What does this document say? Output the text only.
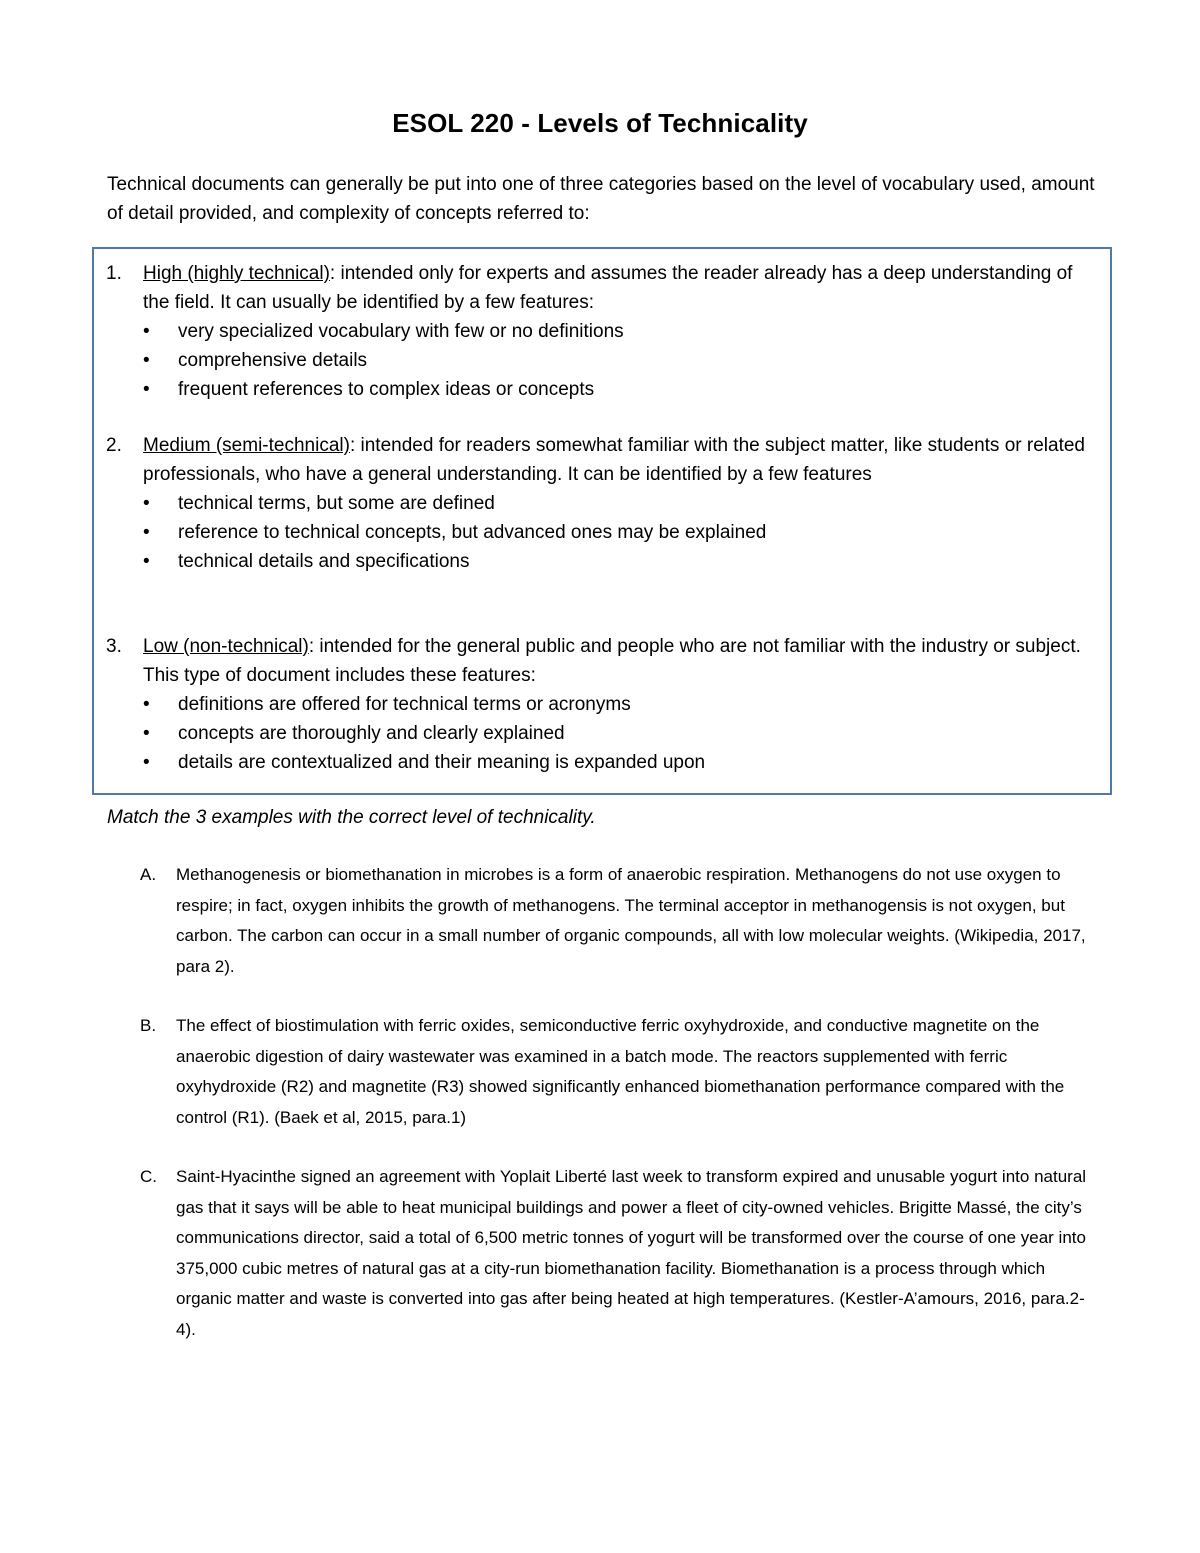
ESOL 220 - Levels of Technicality
Technical documents can generally be put into one of three categories based on the level of vocabulary used, amount of detail provided, and complexity of concepts referred to:
1. High (highly technical): intended only for experts and assumes the reader already has a deep understanding of the field. It can usually be identified by a few features:
• very specialized vocabulary with few or no definitions
• comprehensive details
• frequent references to complex ideas or concepts
2. Medium (semi-technical): intended for readers somewhat familiar with the subject matter, like students or related professionals, who have a general understanding. It can be identified by a few features
• technical terms, but some are defined
• reference to technical concepts, but advanced ones may be explained
• technical details and specifications
3. Low (non-technical): intended for the general public and people who are not familiar with the industry or subject. This type of document includes these features:
• definitions are offered for technical terms or acronyms
• concepts are thoroughly and clearly explained
• details are contextualized and their meaning is expanded upon
Match the 3 examples with the correct level of technicality.
A. Methanogenesis or biomethanation in microbes is a form of anaerobic respiration. Methanogens do not use oxygen to respire; in fact, oxygen inhibits the growth of methanogens. The terminal acceptor in methanogensis is not oxygen, but carbon. The carbon can occur in a small number of organic compounds, all with low molecular weights. (Wikipedia, 2017, para 2).
B. The effect of biostimulation with ferric oxides, semiconductive ferric oxyhydroxide, and conductive magnetite on the anaerobic digestion of dairy wastewater was examined in a batch mode. The reactors supplemented with ferric oxyhydroxide (R2) and magnetite (R3) showed significantly enhanced biomethanation performance compared with the control (R1). (Baek et al, 2015, para.1)
C. Saint-Hyacinthe signed an agreement with Yoplait Liberté last week to transform expired and unusable yogurt into natural gas that it says will be able to heat municipal buildings and power a fleet of city-owned vehicles. Brigitte Massé, the city’s communications director, said a total of 6,500 metric tonnes of yogurt will be transformed over the course of one year into 375,000 cubic metres of natural gas at a city-run biomethanation facility. Biomethanation is a process through which organic matter and waste is converted into gas after being heated at high temperatures. (Kestler-A’amours, 2016, para.2-4).
